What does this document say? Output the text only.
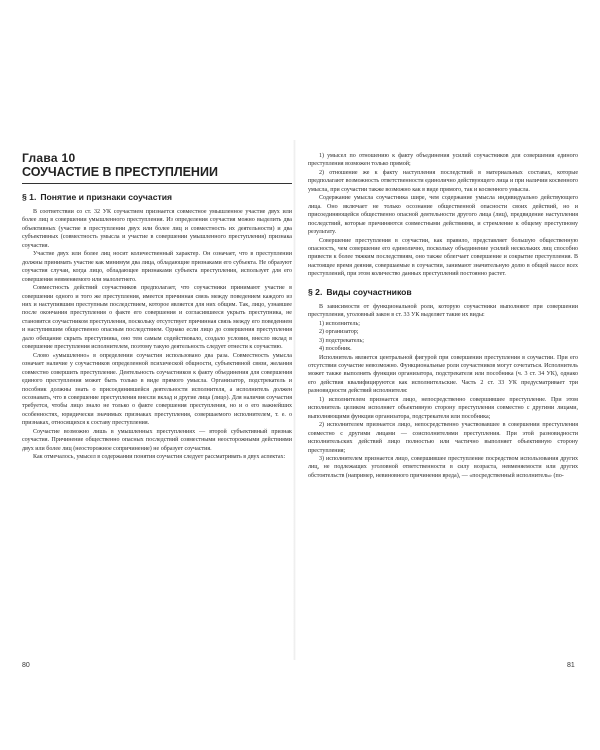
Глава 10
СОУЧАСТИЕ В ПРЕСТУПЛЕНИИ
§ 1. Понятие и признаки соучастия

В соответствии со ст. 32 УК соучастием признается совместное умышленное участие двух или более лиц в совершении умышленного преступления. Из определения соучастия можно выделить два объективных (участие в преступлении двух или более лиц и совместность их деятельности) и два субъективных (совместность умысла и участие в совершении умышленного преступления) признака соучастия.

Участие двух или более лиц носит количественный характер. Он означает, что в преступлении должны принимать участие как минимум два лица, обладающие признаками его субъекта. Не образуют соучастия случаи, когда лицо, обладающее признаками субъекта преступления, использует для его совершения невменяемого или малолетнего.

Совместность действий соучастников предполагает, что соучастники принимают участие в совершении одного и того же преступления, имеется причинная связь между поведением каждого из них и наступившим преступным последствием, которое является для них общим. Так, лицо, узнавшее после окончания преступления о факте его совершения и согласившееся укрыть преступника, не становится соучастником преступления, поскольку отсутствует причинная связь между его поведением и наступившим общественно опасным последствием. Однако если лицо до совершения преступления дало обещание скрыть преступника, оно тем самым содействовало, создало условия, внесло вклад в совершение преступления исполнителем, поэтому такую деятельность следует отнести к соучастию.

Слово «умышленно» в определении соучастия использовано два раза. Совместность умысла означает наличие у соучастников определенной психической общности, субъективной связи, желания совместно совершить преступление. Деятельность соучастников к факту объединения для совершения единого преступления может быть только в виде прямого умысла. Организатор, подстрекатель и пособник должны знать о присоединившейся деятельности исполнителя, а исполнитель должен осознавать, что в совершение преступления внесли вклад и другие лица (лицо). Для наличия соучастия требуется, чтобы лицо знало не только о факте совершения преступления, но и о его важнейших особенностях, юридически значимых признаках преступления, совершаемого исполнителем, т. е. о признаках, относящихся к составу преступления.

Соучастие возможно лишь в умышленных преступлениях — второй субъективный признак соучастия. Причинение общественно опасных последствий совместными неосторожными действиями двух или более лиц (неосторожное сопричинение) не образует соучастия.

Как отмечалось, умысел в содержании понятия соучастия следует рассматривать в двух аспектах:

80

1) умысел по отношению к факту объединения усилий соучастников для совершения единого преступления возможен только прямой;

2) отношение же к факту наступления последствий в материальных составах, которые предполагают возможность ответственности единолично действующего лица и при наличии косвенного умысла, при соучастии также возможно как в виде прямого, так и косвенного умысла.

Содержание умысла соучастника шире, чем содержание умысла индивидуально действующего лица. Оно включает не только осознание общественной опасности своих действий, но и присоединяющейся общественно опасной деятельности другого лица (лиц), предвидение наступления последствий, которые причиняются совместными действиями, и стремление к общему преступному результату.

Совершение преступления в соучастии, как правило, представляет большую общественную опасность, чем совершение его единолично, поскольку объединение усилий нескольких лиц способно привести к более тяжким последствиям, оно также облегчает совершение и сокрытие преступления. В настоящее время деяния, совершаемые в соучастии, занимают значительную долю в общей массе всех преступлений, при этом количество данных преступлений постоянно растет.

§ 2. Виды соучастников

В зависимости от функциональной роли, которую соучастники выполняют при совершении преступления, уголовный закон в ст. 33 УК выделяет такие их виды:

1) исполнитель;

2) организатор;

3) подстрекатель;

4) пособник.

Исполнитель является центральной фигурой при совершении преступления в соучастии. При его отсутствии соучастие невозможно. Функциональные роли соучастников могут сочетаться. Исполнитель может также выполнять функции организатора, подстрекателя или пособника (ч. 3 ст. 34 УК), однако его действия квалифицируются как исполнительские. Часть 2 ст. 33 УК предусматривает три разновидности действий исполнителя:

1) исполнителем признается лицо, непосредственно совершившее преступление. При этом исполнитель целиком исполняет объективную сторону преступления совместно с другими лицами, выполняющими функции организатора, подстрекателя или пособника;

2) исполнителем признается лицо, непосредственно участвовавшее в совершении преступления совместно с другими лицами — соисполнителями преступления. При этой разновидности исполнительских действий лицо полностью или частично выполняет объективную сторону преступления;

3) исполнителем признается лицо, совершившее преступление посредством использования других лиц, не подлежащих уголовной ответственности в силу возраста, невменяемости или других обстоятельств (например, невиновного причинения вреда), — «посредственный исполнитель» (по-

81
